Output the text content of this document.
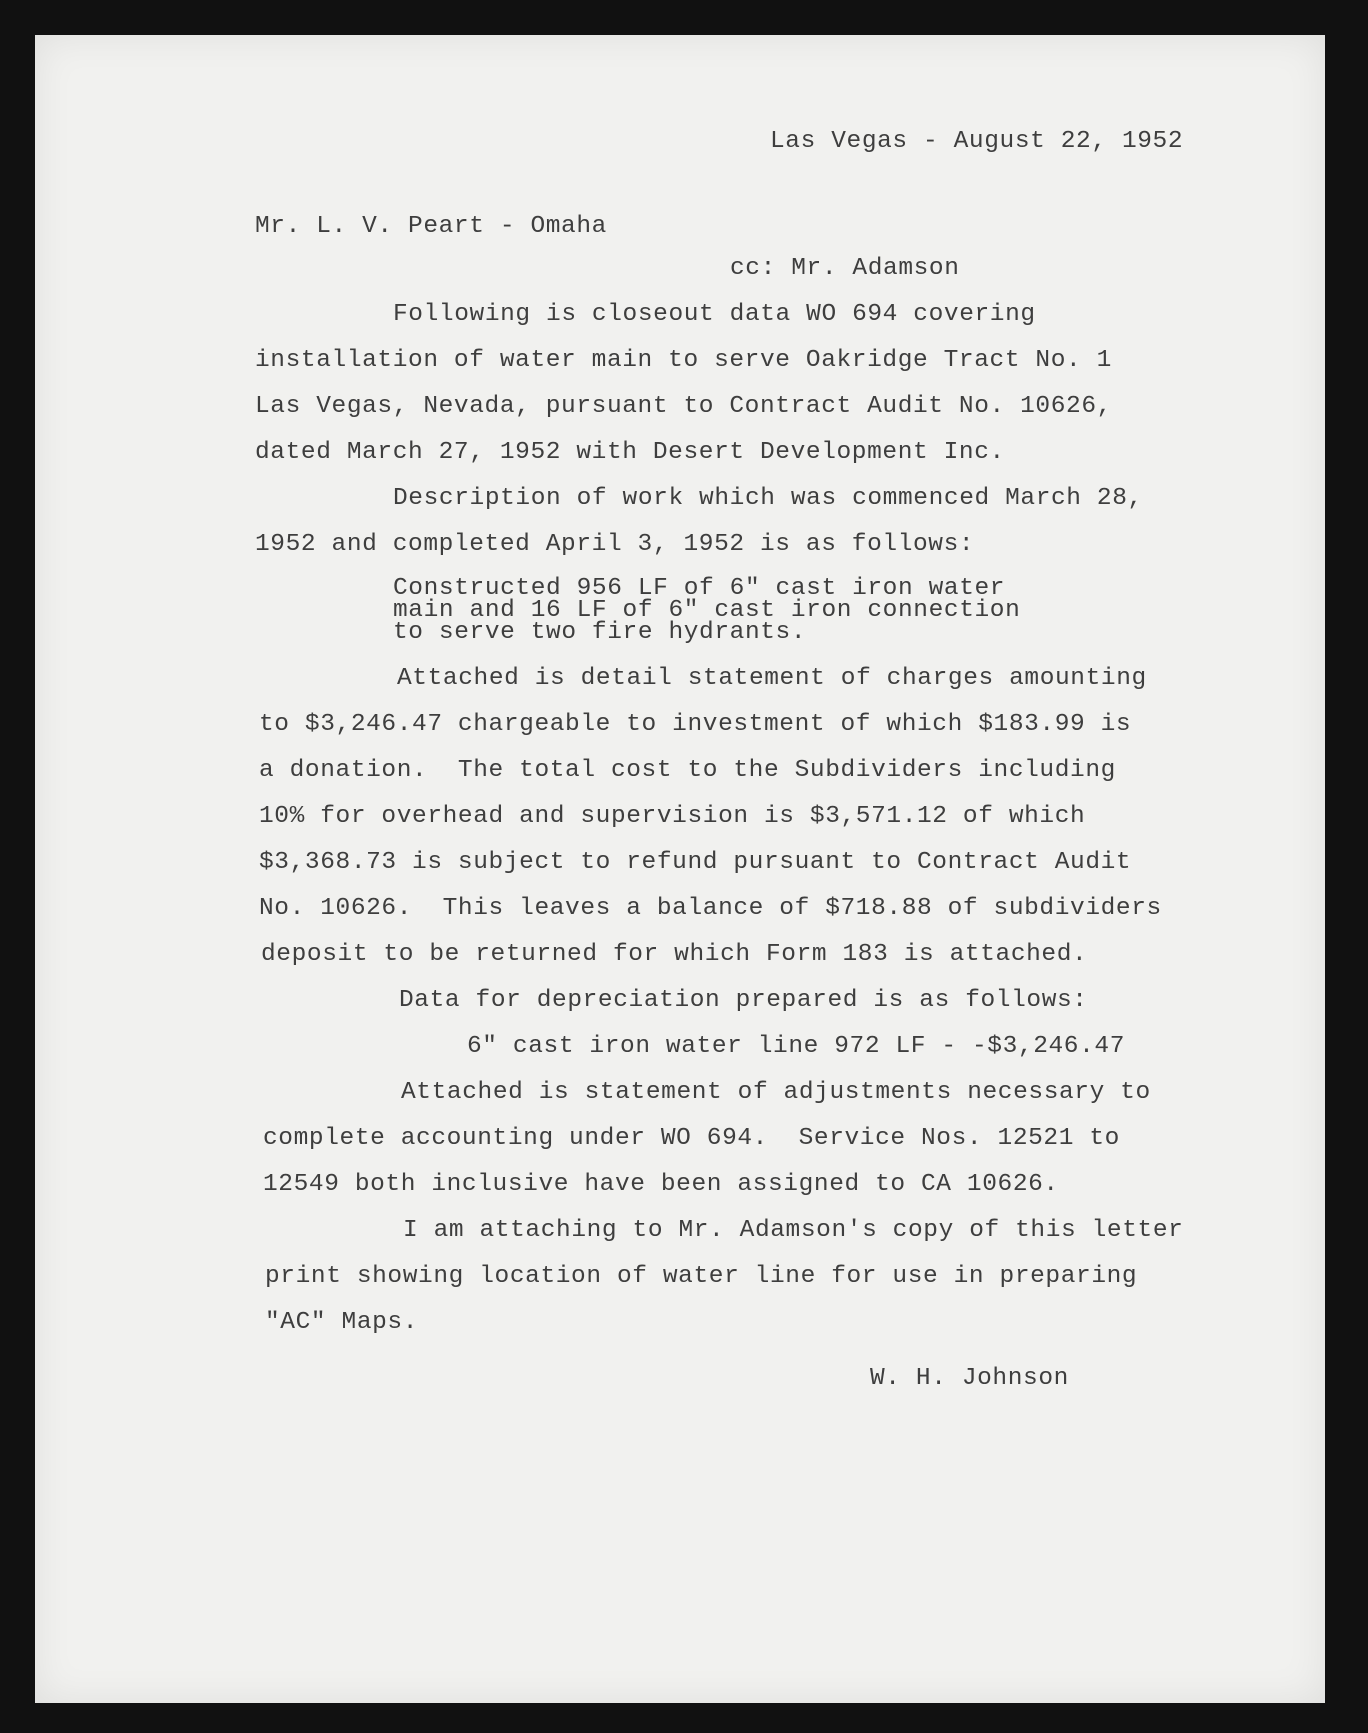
Las Vegas - August 22, 1952
Mr. L. V. Peart - Omaha
cc: Mr. Adamson
Following is closeout data WO 694 covering
installation of water main to serve Oakridge Tract No. 1
Las Vegas, Nevada, pursuant to Contract Audit No. 10626,
dated March 27, 1952 with Desert Development Inc.
Description of work which was commenced March 28,
1952 and completed April 3, 1952 is as follows:
Constructed 956 LF of 6" cast iron water
main and 16 LF of 6" cast iron connection
to serve two fire hydrants.
Attached is detail statement of charges amounting
to $3,246.47 chargeable to investment of which $183.99 is
a donation.  The total cost to the Subdividers including
10% for overhead and supervision is $3,571.12 of which
$3,368.73 is subject to refund pursuant to Contract Audit
No. 10626.  This leaves a balance of $718.88 of subdividers
deposit to be returned for which Form 183 is attached.
Data for depreciation prepared is as follows:
6" cast iron water line 972 LF - -$3,246.47
Attached is statement of adjustments necessary to
complete accounting under WO 694.  Service Nos. 12521 to
12549 both inclusive have been assigned to CA 10626.
I am attaching to Mr. Adamson's copy of this letter
print showing location of water line for use in preparing
"AC" Maps.
W. H. Johnson
